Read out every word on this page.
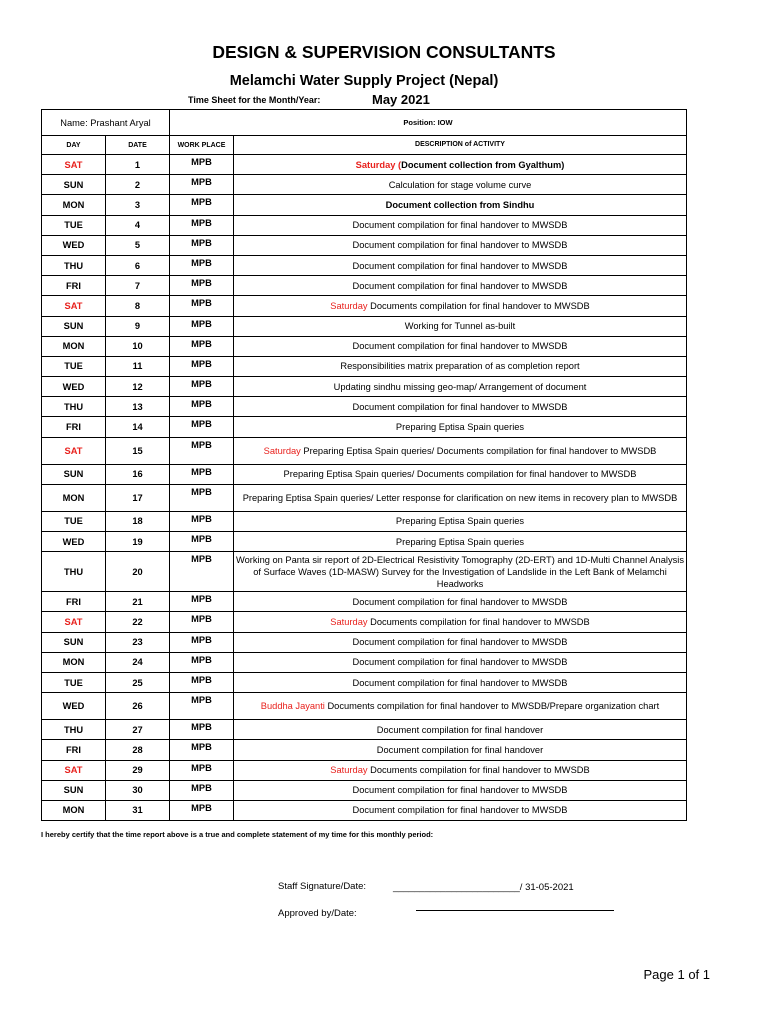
DESIGN & SUPERVISION CONSULTANTS
Melamchi Water Supply Project (Nepal)
Time Sheet for the Month/Year:	May 2021
Name: Prashant Aryal		Position: IOW	
DAY	DATE	WORK PLACE	DESCRIPTION of ACTIVITY
SAT	1	MPB	Saturday (Document collection from Gyalthum)
SUN	2	MPB	Calculation for stage volume curve
MON	3	MPB	Document collection from Sindhu
TUE	4	MPB	Document compilation for final handover to MWSDB
WED	5	MPB	Document compilation for final handover to MWSDB
THU	6	MPB	Document compilation for final handover to MWSDB
FRI	7	MPB	Document compilation for final handover to MWSDB
SAT	8	MPB	Saturday Documents compilation for final handover to MWSDB
SUN	9	MPB	Working for Tunnel as-built
MON	10	MPB	Document compilation for final handover to MWSDB
TUE	11	MPB	Responsibilities matrix preparation of as completion report
WED	12	MPB	Updating sindhu missing geo-map/ Arrangement of document
THU	13	MPB	Document compilation for final handover to MWSDB
FRI	14	MPB	Preparing Eptisa Spain queries
SAT	15	MPB	Saturday Preparing Eptisa Spain queries/ Documents compilation for final handover to MWSDB
SUN	16	MPB	Preparing Eptisa Spain queries/ Documents compilation for final handover to MWSDB
MON	17	MPB	Preparing Eptisa Spain queries/ Letter response for clarification on new items in recovery plan to MWSDB
TUE	18	MPB	Preparing Eptisa Spain queries
WED	19	MPB	Preparing Eptisa Spain queries
THU	20	MPB	Working on Panta sir report of 2D-Electrical Resistivity Tomography (2D-ERT) and 1D-Multi Channel Analysis of Surface Waves (1D-MASW) Survey for the Investigation of Landslide in the Left Bank of Melamchi Headworks
FRI	21	MPB	Document compilation for final handover to MWSDB
SAT	22	MPB	Saturday Documents compilation for final handover to MWSDB
SUN	23	MPB	Document compilation for final handover to MWSDB
MON	24	MPB	Document compilation for final handover to MWSDB
TUE	25	MPB	Document compilation for final handover to MWSDB
WED	26	MPB	Buddha Jayanti Documents compilation for final handover to MWSDB/Prepare organization chart
THU	27	MPB	Document compilation for final handover
FRI	28	MPB	Document compilation for final handover
SAT	29	MPB	Saturday Documents compilation for final handover to MWSDB
SUN	30	MPB	Document compilation for final handover to MWSDB
MON	31	MPB	Document compilation for final handover to MWSDB
I hereby certify that the time report above is a true and complete statement of my time for this monthly period:
Staff Signature/Date:	________________________/ 31-05-2021
Approved by/Date:
Page 1 of 1
